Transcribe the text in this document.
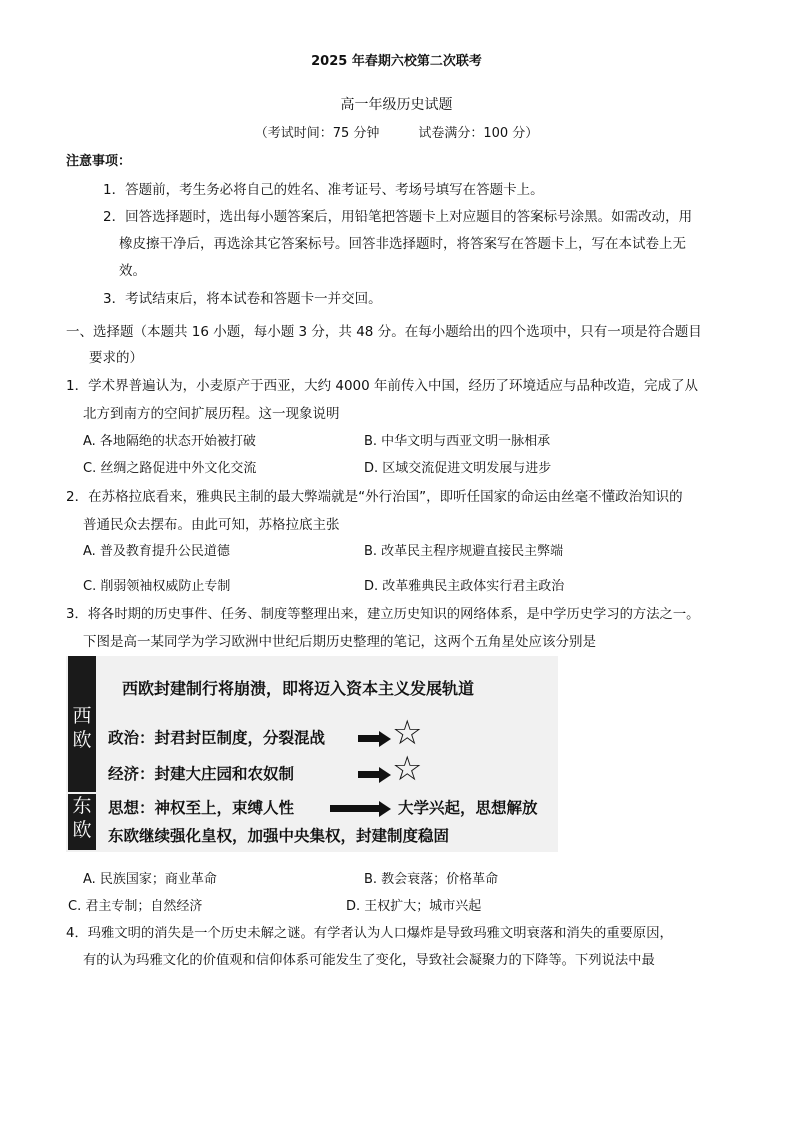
2025 年春期六校第二次联考
高一年级历史试题
（考试时间：75 分钟　　　试卷满分：100 分）
注意事项：
1．答题前，考生务必将自己的姓名、准考证号、考场号填写在答题卡上。
2．回答选择题时，选出每小题答案后，用铅笔把答题卡上对应题目的答案标号涂黑。如需改动，用
橡皮擦干净后，再选涂其它答案标号。回答非选择题时，将答案写在答题卡上，写在本试卷上无
效。
3．考试结束后，将本试卷和答题卡一并交回。
一、选择题（本题共 16 小题，每小题 3 分，共 48 分。在每小题给出的四个选项中，只有一项是符合题目
要求的）
1．学术界普遍认为，小麦原产于西亚，大约 4000 年前传入中国，经历了环境适应与品种改造，完成了从
北方到南方的空间扩展历程。这一现象说明
A. 各地隔绝的状态开始被打破	B. 中华文明与西亚文明一脉相承
C. 丝绸之路促进中外文化交流	D. 区域交流促进文明发展与进步
2．在苏格拉底看来，雅典民主制的最大弊端就是“外行治国”，即听任国家的命运由丝毫不懂政治知识的
普通民众去摆布。由此可知，苏格拉底主张
A. 普及教育提升公民道德	B. 改革民主程序规避直接民主弊端
C. 削弱领袖权威防止专制	D. 改革雅典民主政体实行君主政治
3．将各时期的历史事件、任务、制度等整理出来，建立历史知识的网络体系，是中学历史学习的方法之一。
下图是高一某同学为学习欧洲中世纪后期历史整理的笔记，这两个五角星处应该分别是
西
欧
东
欧
西欧封建制行将崩溃，即将迈入资本主义发展轨道
政治：封君封臣制度，分裂混战 ☆
经济：封建大庄园和农奴制	☆
思想：神权至上，束缚人性	大学兴起，思想解放
东欧继续强化皇权，加强中央集权，封建制度稳固
A. 民族国家；商业革命	B. 教会衰落；价格革命
C. 君主专制；自然经济	D. 王权扩大；城市兴起
4．玛雅文明的消失是一个历史未解之谜。有学者认为人口爆炸是导致玛雅文明衰落和消失的重要原因，
有的认为玛雅文化的价值观和信仰体系可能发生了变化，导致社会凝聚力的下降等。下列说法中最
